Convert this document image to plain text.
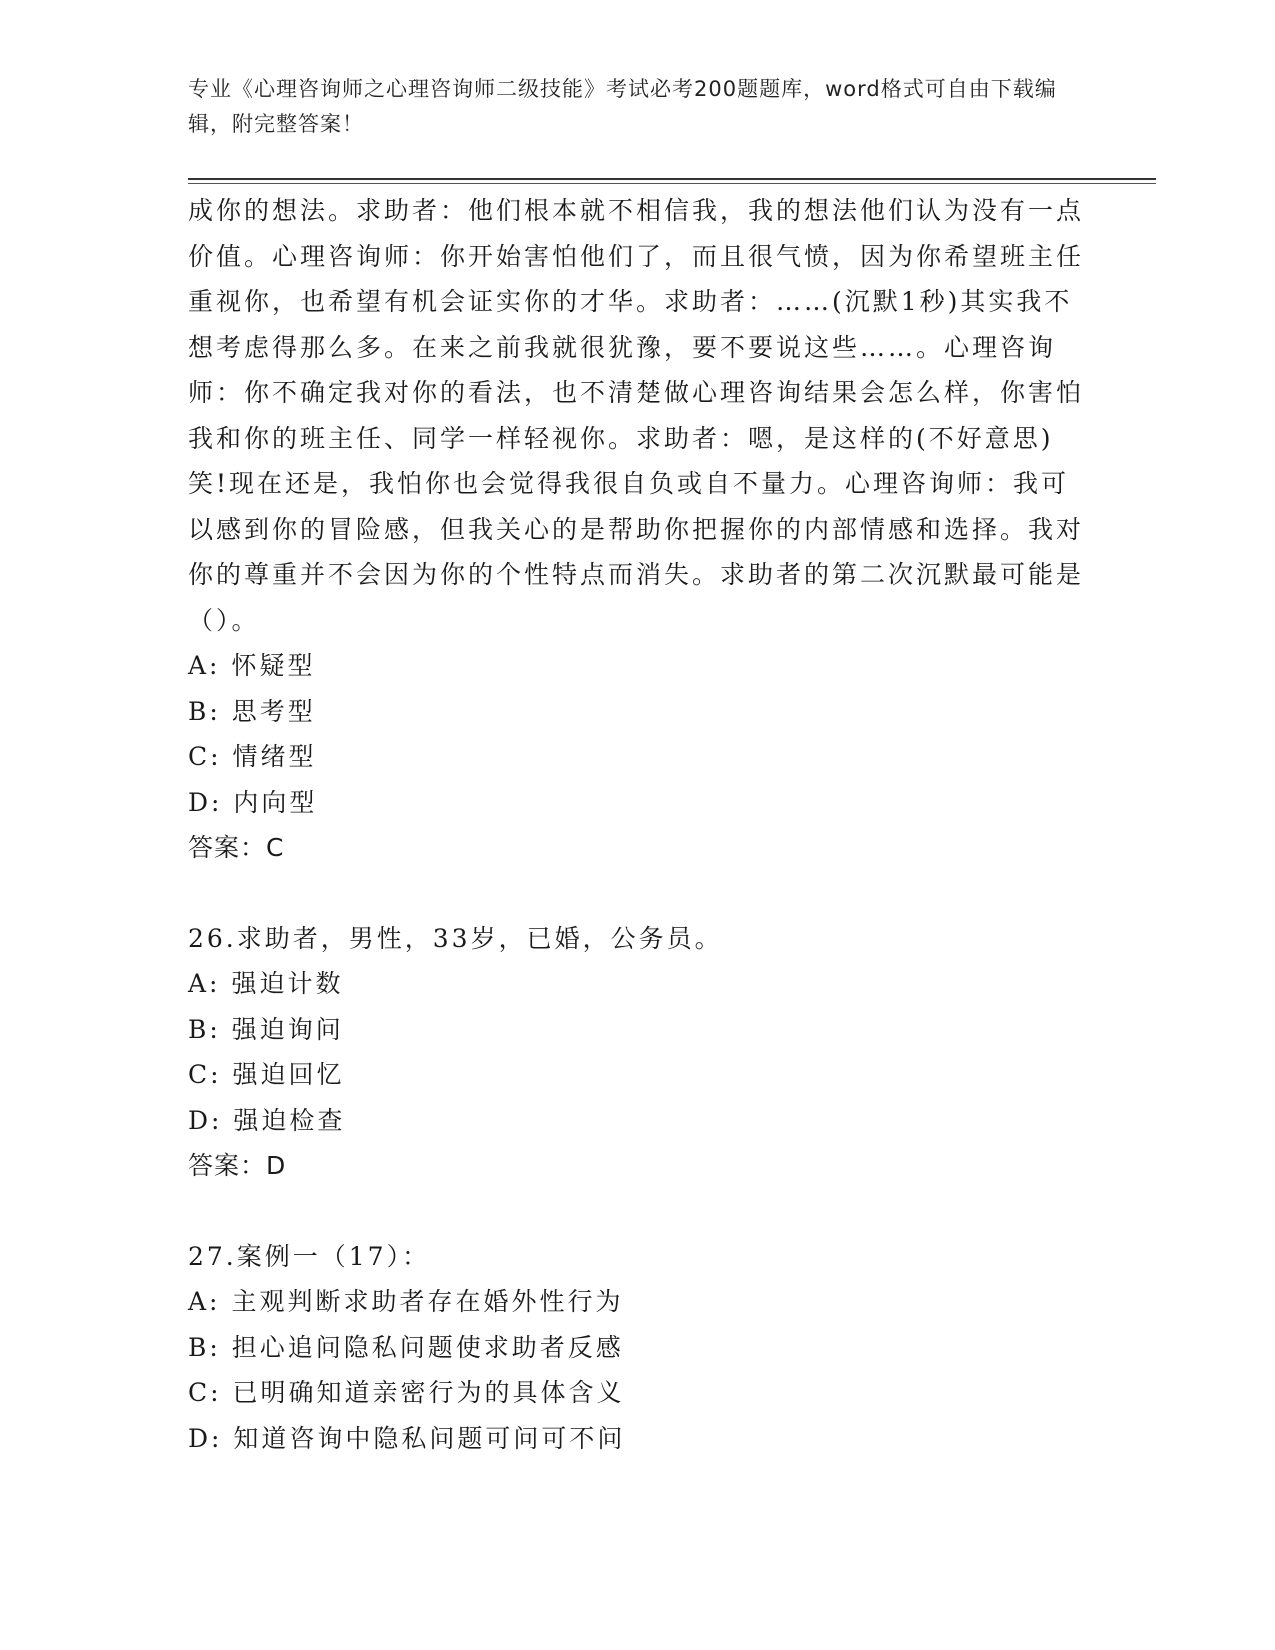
专业《心理咨询师之心理咨询师二级技能》考试必考200题题库，word格式可自由下载编辑，附完整答案！

成你的想法。求助者：他们根本就不相信我，我的想法他们认为没有一点价值。心理咨询师：你开始害怕他们了，而且很气愤，因为你希望班主任重视你，也希望有机会证实你的才华。求助者：……(沉默1秒)其实我不想考虑得那么多。在来之前我就很犹豫，要不要说这些……。心理咨询师：你不确定我对你的看法，也不清楚做心理咨询结果会怎么样，你害怕我和你的班主任、同学一样轻视你。求助者：嗯，是这样的(不好意思)笑!现在还是，我怕你也会觉得我很自负或自不量力。心理咨询师：我可以感到你的冒险感，但我关心的是帮助你把握你的内部情感和选择。我对你的尊重并不会因为你的个性特点而消失。求助者的第二次沉默最可能是（）。

A: 怀疑型

B: 思考型

C: 情绪型

D: 内向型

答案：C

26.求助者，男性，33岁，已婚，公务员。

A: 强迫计数

B: 强迫询问

C: 强迫回忆

D: 强迫检查

答案：D

27.案例一（17）：

A: 主观判断求助者存在婚外性行为

B: 担心追问隐私问题使求助者反感

C: 已明确知道亲密行为的具体含义

D: 知道咨询中隐私问题可问可不问
